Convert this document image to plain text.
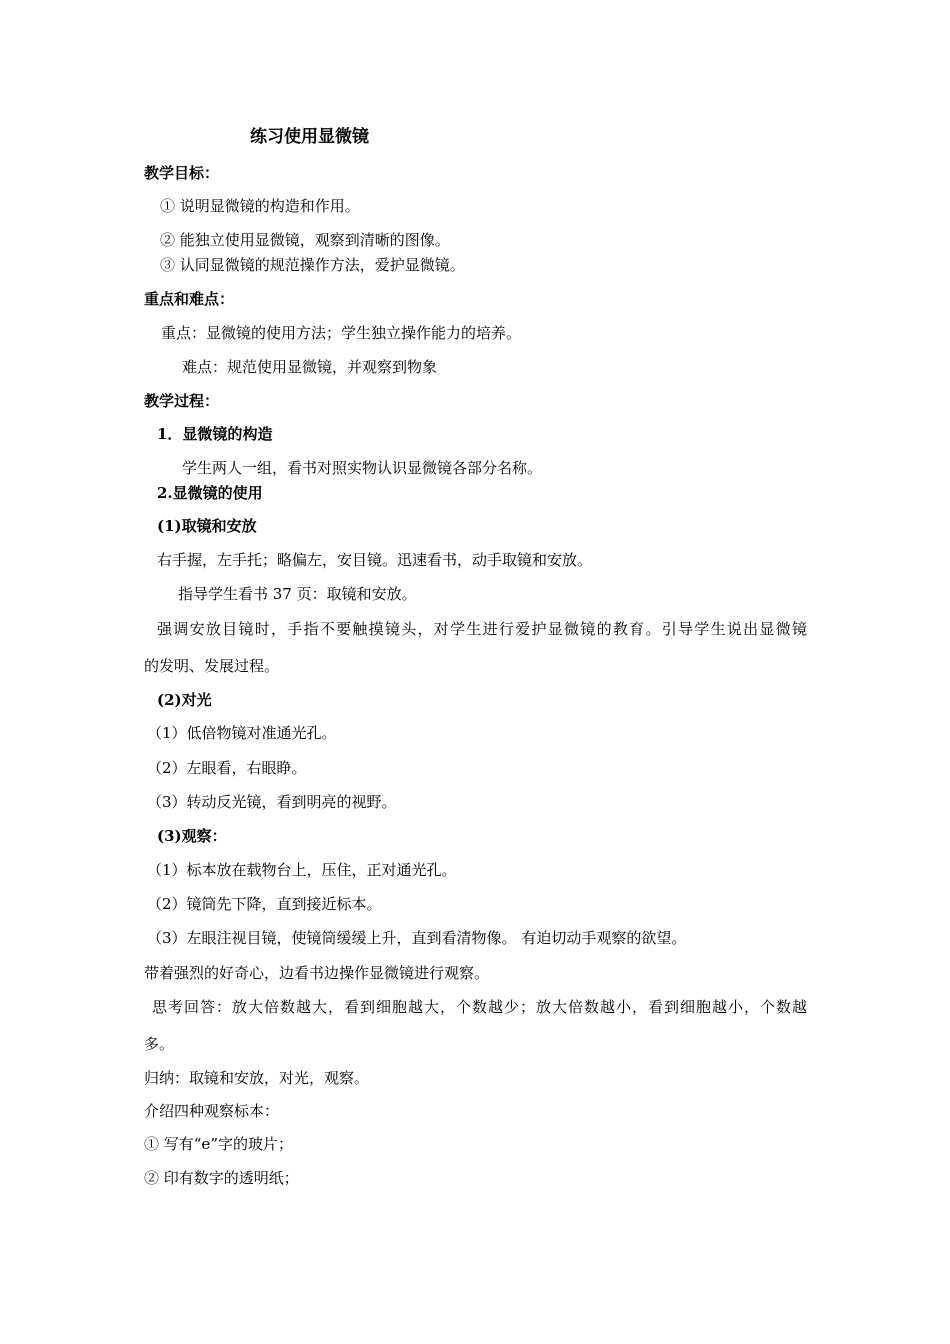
练习使用显微镜

教学目标：

① 说明显微镜的构造和作用。

② 能独立使用显微镜，观察到清晰的图像。

③ 认同显微镜的规范操作方法，爱护显微镜。

重点和难点：

重点：显微镜的使用方法；学生独立操作能力的培养。

难点：规范使用显微镜，并观察到物象

教学过程：

1．显微镜的构造

学生两人一组，看书对照实物认识显微镜各部分名称。

2.显微镜的使用

(1)取镜和安放

右手握，左手托；略偏左，安目镜。迅速看书，动手取镜和安放。

指导学生看书 37 页：取镜和安放。

强调安放目镜时，手指不要触摸镜头，对学生进行爱护显微镜的教育。引导学生说出显微镜

的发明、发展过程。

(2)对光

（1）低倍物镜对准通光孔。

（2）左眼看，右眼睁。

（3）转动反光镜，看到明亮的视野。

(3)观察：

（1）标本放在载物台上，压住，正对通光孔。

（2）镜筒先下降，直到接近标本。

（3）左眼注视目镜，使镜筒缓缓上升，直到看清物像。 有迫切动手观察的欲望。

带着强烈的好奇心，边看书边操作显微镜进行观察。

思考回答：放大倍数越大，看到细胞越大，个数越少；放大倍数越小，看到细胞越小，个数越

多。

归纳：取镜和安放，对光，观察。

介绍四种观察标本：

① 写有“e”字的玻片；

② 印有数字的透明纸；
